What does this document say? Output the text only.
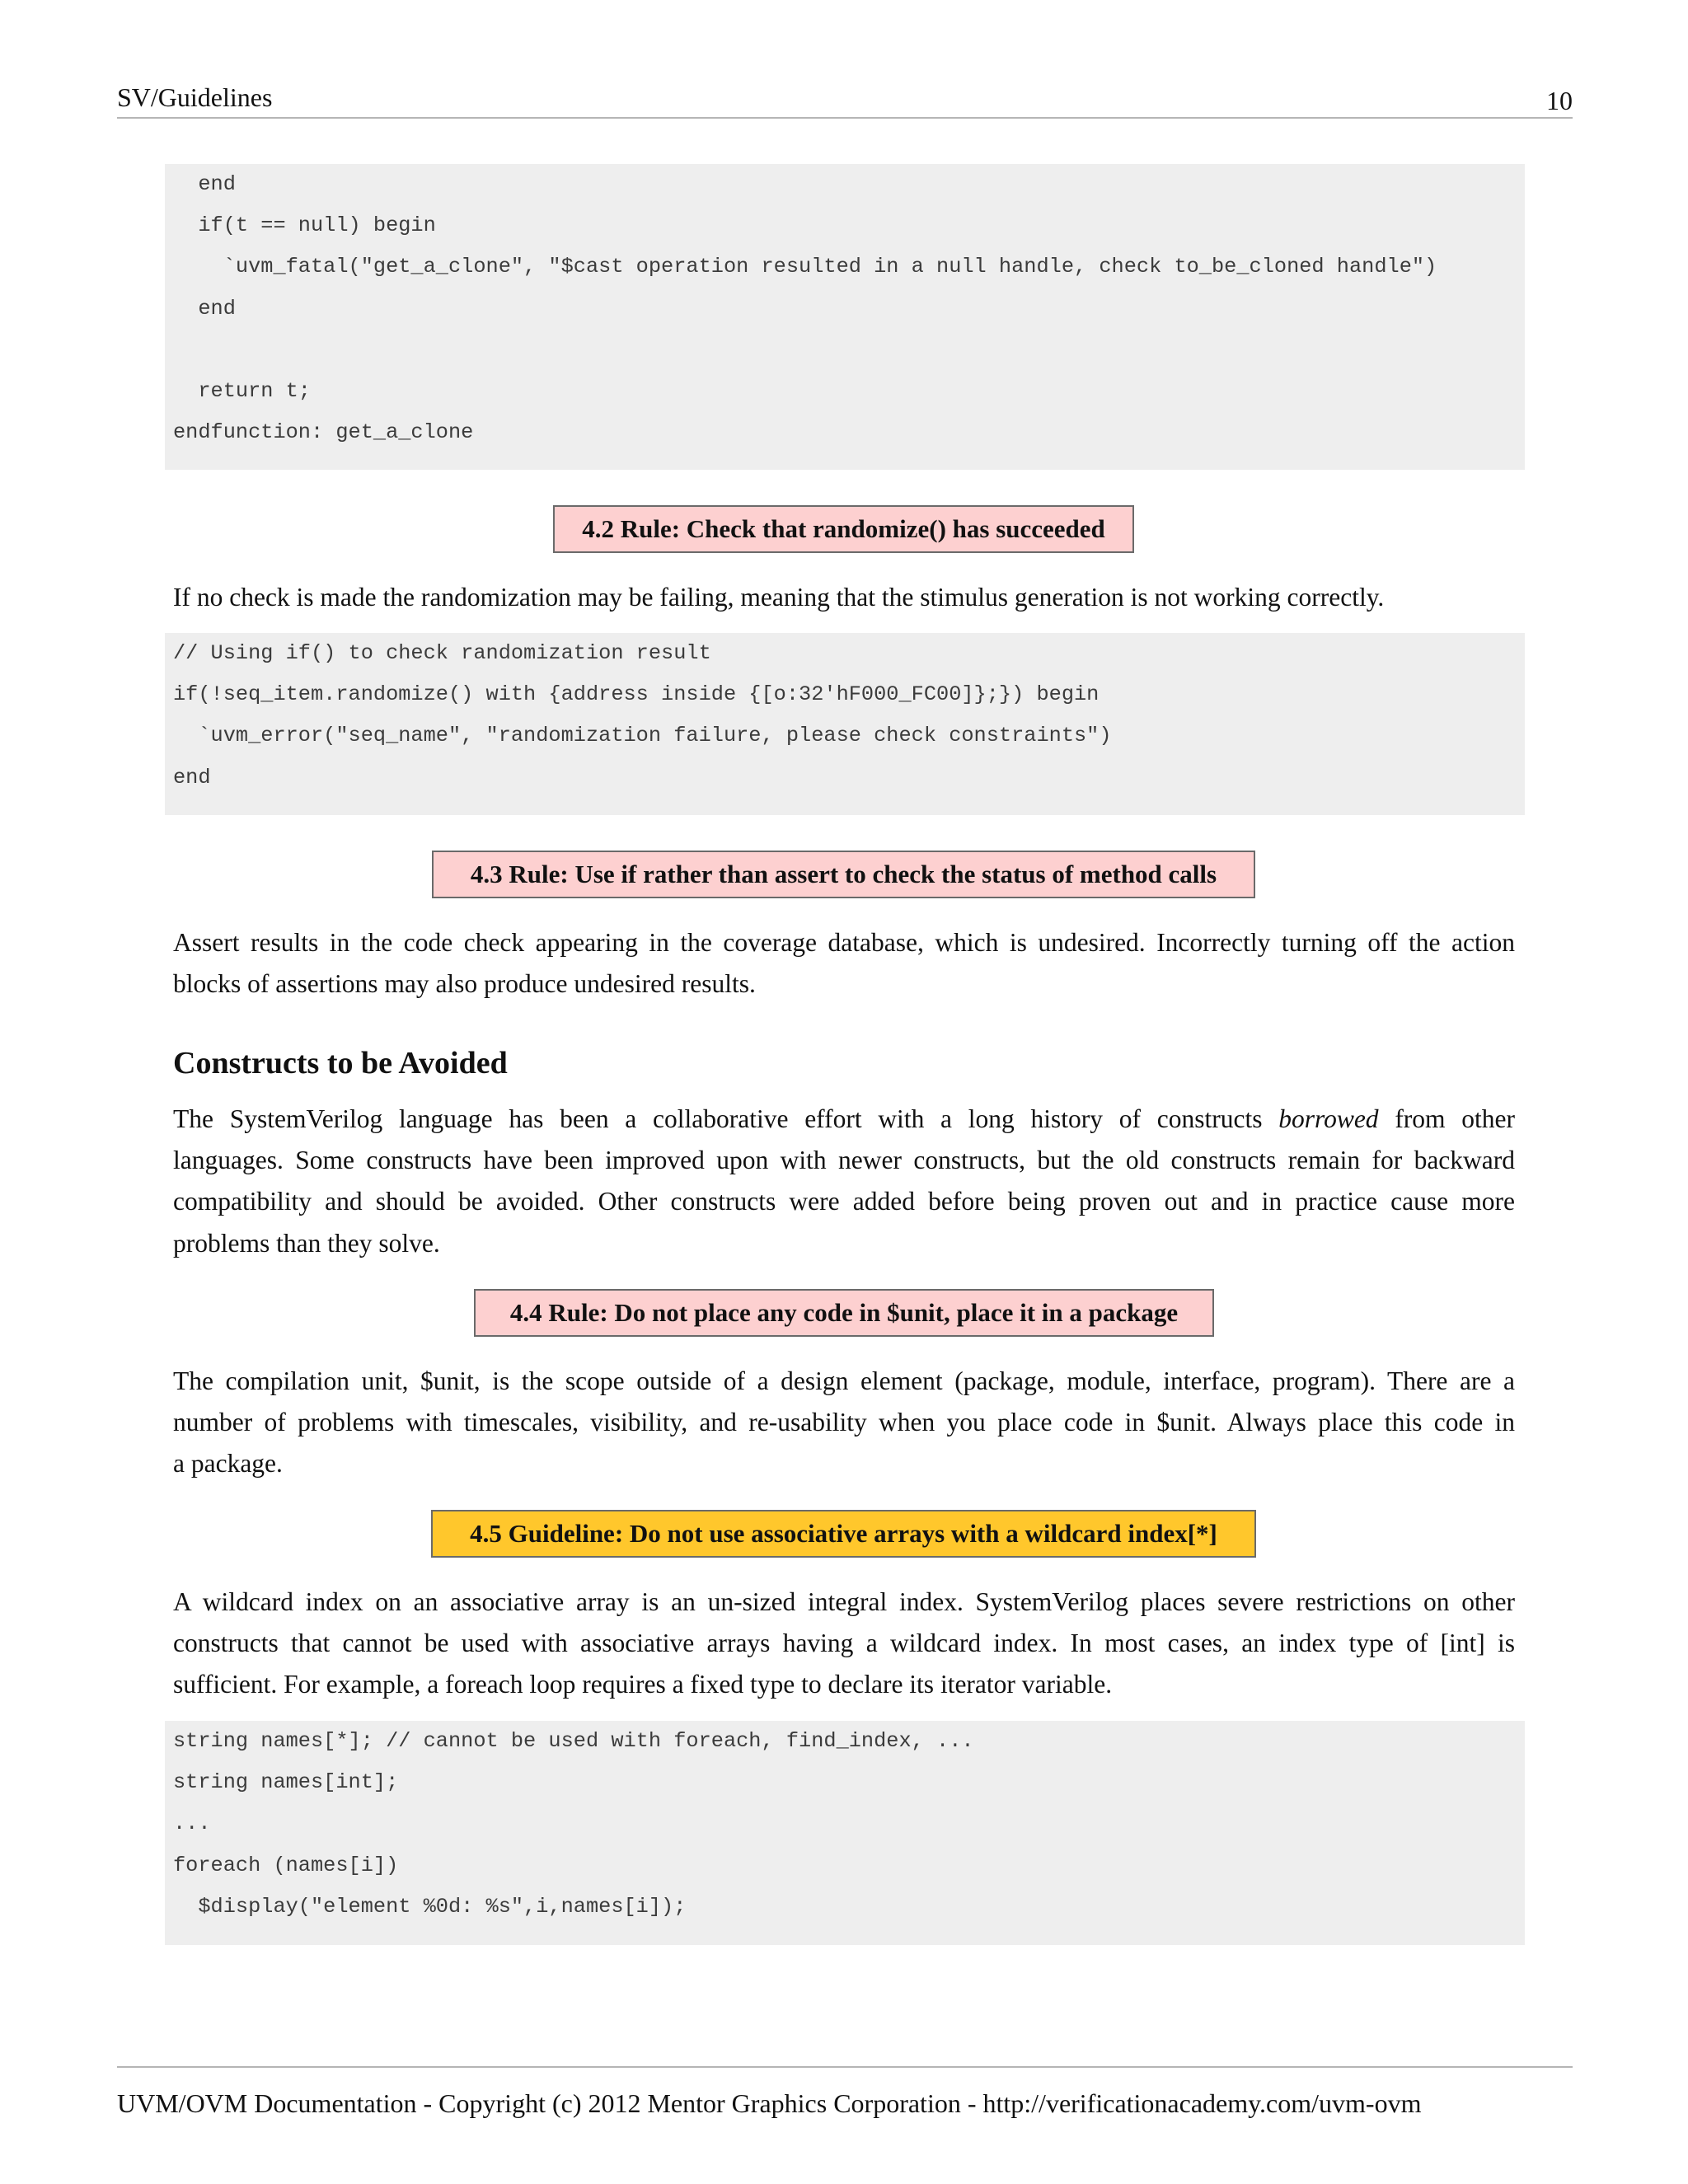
SV/Guidelines	10
end
if(t == null) begin
`uvm_fatal("get_a_clone", "$cast operation resulted in a null handle, check to_be_cloned handle")
end
return t;
endfunction: get_a_clone
4.2 Rule: Check that randomize() has succeeded
If no check is made the randomization may be failing, meaning that the stimulus generation is not working correctly.
// Using if() to check randomization result
if(!seq_item.randomize() with {address inside {[o:32'hF000_FC00]};}) begin
`uvm_error("seq_name", "randomization failure, please check constraints")
end
4.3 Rule: Use if rather than assert to check the status of method calls
Assert results in the code check appearing in the coverage database, which is undesired. Incorrectly turning off the action
blocks of assertions may also produce undesired results.
Constructs to be Avoided
The SystemVerilog language has been a collaborative effort with a long history of constructs borrowed from other
languages. Some constructs have been improved upon with newer constructs, but the old constructs remain for backward
compatibility and should be avoided. Other constructs were added before being proven out and in practice cause more
problems than they solve.
4.4 Rule: Do not place any code in $unit, place it in a package
The compilation unit, $unit, is the scope outside of a design element (package, module, interface, program). There are a
number of problems with timescales, visibility, and re-usability when you place code in $unit. Always place this code in
a package.
4.5 Guideline: Do not use associative arrays with a wildcard index[*]
A wildcard index on an associative array is an un-sized integral index. SystemVerilog places severe restrictions on other
constructs that cannot be used with associative arrays having a wildcard index. In most cases, an index type of [int] is
sufficient. For example, a foreach loop requires a fixed type to declare its iterator variable.
string names[*]; // cannot be used with foreach, find_index, ...
string names[int];
...
foreach (names[i])
$display("element %0d: %s",i,names[i]);
UVM/OVM Documentation - Copyright (c) 2012 Mentor Graphics Corporation - http://verificationacademy.com/uvm-ovm
